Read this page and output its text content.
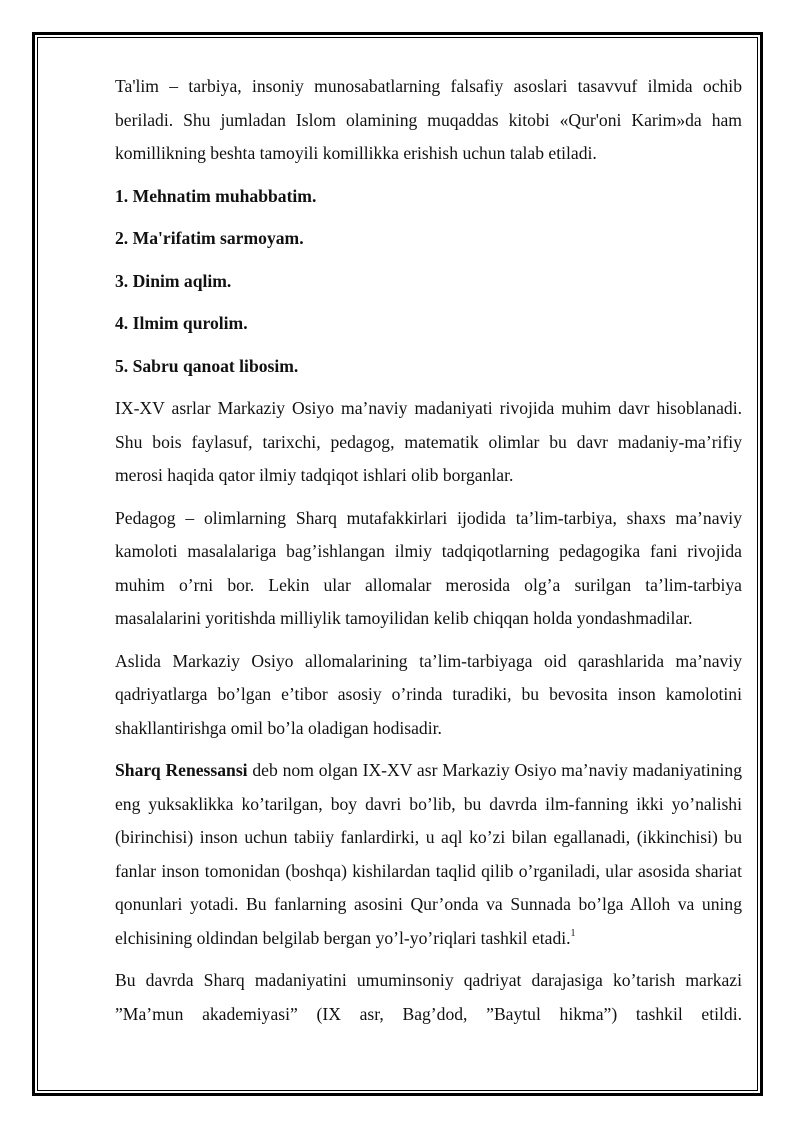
Ta'lim – tarbiya, insoniy munosabatlarning falsafiy asoslari tasavvuf ilmida ochib beriladi. Shu jumladan Islom olamining muqaddas kitobi «Qur'oni Karim»da ham komillikning beshta tamoyili komillikka erishish uchun talab etiladi.

1. Mehnatim muhabbatim.

2. Ma'rifatim sarmoyam.

3. Dinim aqlim.

4. Ilmim qurolim.

5. Sabru qanoat libosim.

IX-XV asrlar Markaziy Osiyo ma’naviy madaniyati rivojida muhim davr hisoblanadi. Shu bois faylasuf, tarixchi, pedagog, matematik olimlar bu davr madaniy-ma’rifiy merosi haqida qator ilmiy tadqiqot ishlari olib borganlar.

Pedagog – olimlarning Sharq mutafakkirlari ijodida ta’lim-tarbiya, shaxs ma’naviy kamoloti masalalariga bag’ishlangan ilmiy tadqiqotlarning pedagogika fani rivojida muhim o’rni bor. Lekin ular allomalar merosida olg’a surilgan ta’lim-tarbiya masalalarini yoritishda milliylik tamoyilidan kelib chiqqan holda yondashmadilar.

Aslida Markaziy Osiyo allomalarining ta’lim-tarbiyaga oid qarashlarida ma’naviy qadriyatlarga bo’lgan e’tibor asosiy o’rinda turadiki, bu bevosita inson kamolotini shakllantirishga omil bo’la oladigan hodisadir.

Sharq Renessansi deb nom olgan IX-XV asr Markaziy Osiyo ma’naviy madaniyatining eng yuksaklikka ko’tarilgan, boy davri bo’lib, bu davrda ilm-fanning ikki yo’nalishi (birinchisi) inson uchun tabiiy fanlardirki, u aql ko’zi bilan egallanadi, (ikkinchisi) bu fanlar inson tomonidan (boshqa) kishilardan taqlid qilib o’rganiladi, ular asosida shariat qonunlari yotadi. Bu fanlarning asosini Qur’onda va Sunnada bo’lga Alloh va uning elchisining oldindan belgilab bergan yo’l-yo’riqlari tashkil etadi.$^1$

Bu davrda Sharq madaniyatini umuminsoniy qadriyat darajasiga ko’tarish markazi ”Ma’mun akademiyasi” (IX asr, Bag’dod, ”Baytul hikma”) tashkil etildi.
